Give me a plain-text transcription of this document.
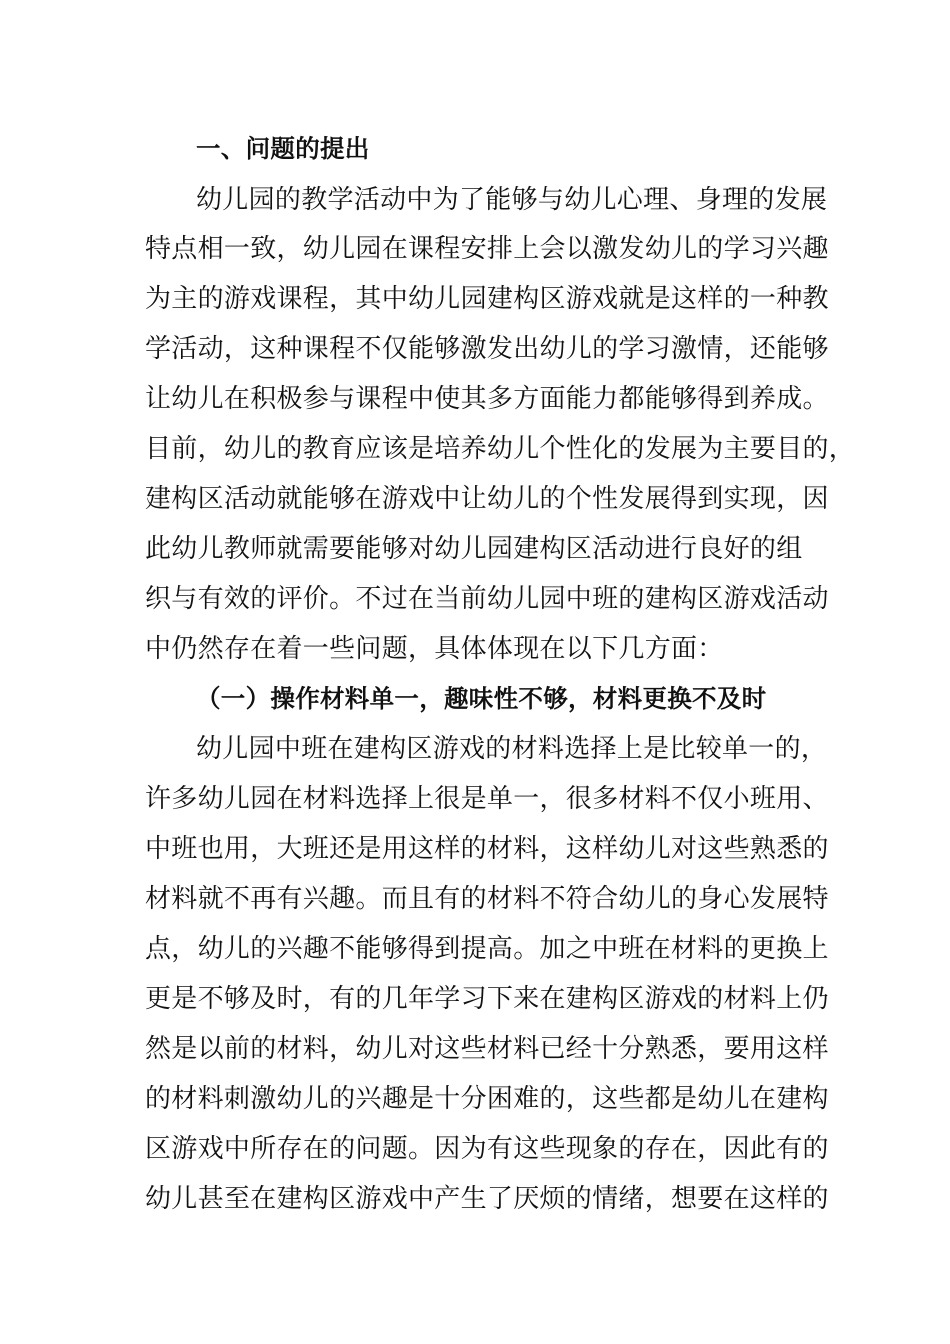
一、问题的提出
幼儿园的教学活动中为了能够与幼儿心理、身理的发展
特点相一致，幼儿园在课程安排上会以激发幼儿的学习兴趣
为主的游戏课程，其中幼儿园建构区游戏就是这样的一种教
学活动，这种课程不仅能够激发出幼儿的学习激情，还能够
让幼儿在积极参与课程中使其多方面能力都能够得到养成。
目前，幼儿的教育应该是培养幼儿个性化的发展为主要目的，
建构区活动就能够在游戏中让幼儿的个性发展得到实现，因
此幼儿教师就需要能够对幼儿园建构区活动进行良好的组
织与有效的评价。不过在当前幼儿园中班的建构区游戏活动
中仍然存在着一些问题，具体体现在以下几方面：
（一）操作材料单一，趣味性不够，材料更换不及时
幼儿园中班在建构区游戏的材料选择上是比较单一的，
许多幼儿园在材料选择上很是单一，很多材料不仅小班用、
中班也用，大班还是用这样的材料，这样幼儿对这些熟悉的
材料就不再有兴趣。而且有的材料不符合幼儿的身心发展特
点，幼儿的兴趣不能够得到提高。加之中班在材料的更换上
更是不够及时，有的几年学习下来在建构区游戏的材料上仍
然是以前的材料，幼儿对这些材料已经十分熟悉，要用这样
的材料刺激幼儿的兴趣是十分困难的，这些都是幼儿在建构
区游戏中所存在的问题。因为有这些现象的存在，因此有的
幼儿甚至在建构区游戏中产生了厌烦的情绪，想要在这样的
